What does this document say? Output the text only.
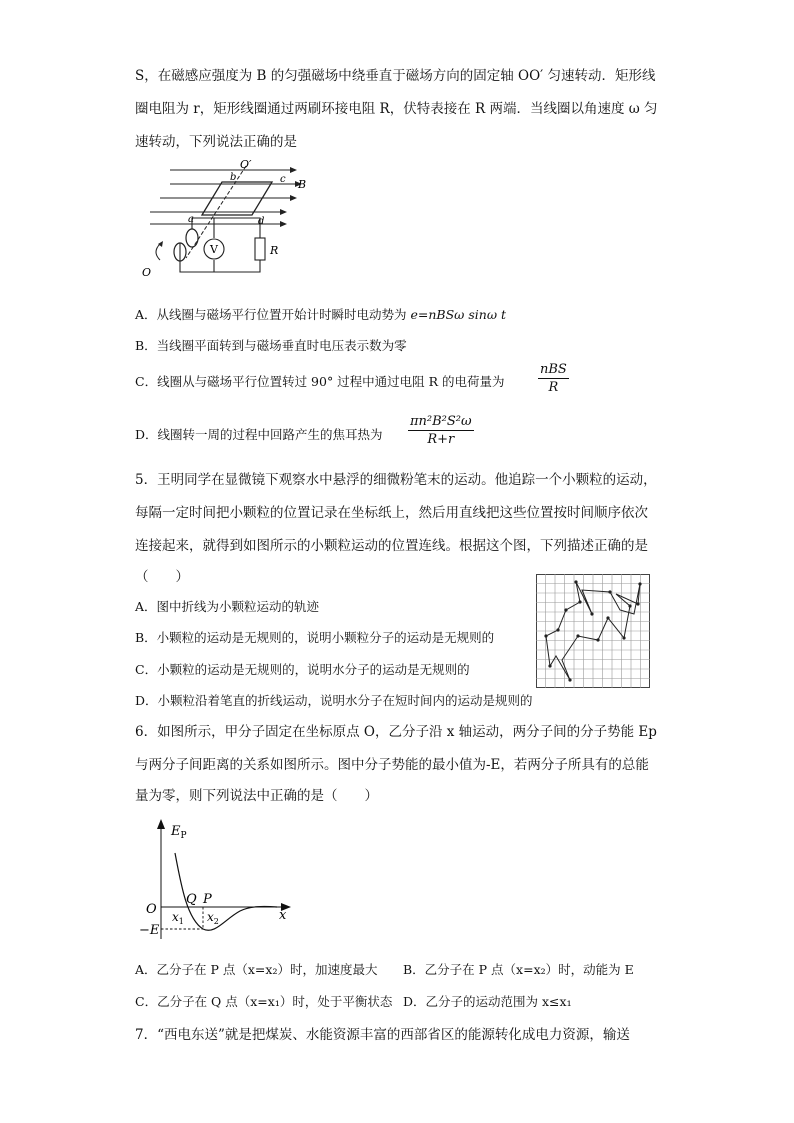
S，在磁感应强度为 B 的匀强磁场中绕垂直于磁场方向的固定轴 OO′ 匀速转动．矩形线
圈电阻为 r，矩形线圈通过两刷环接电阻 R，伏特表接在 R 两端．当线圈以角速度 ω 匀
速转动，下列说法正确的是
V	R
O′
b	c B
a	d
O
A．从线圈与磁场平行位置开始计时瞬时电动势为 e=nBSω sinω t
B．当线圈平面转到与磁场垂直时电压表示数为零
C．线圈从与磁场平行位置转过 90° 过程中通过电阻 R 的电荷量为
nBS
R
D．线圈转一周的过程中回路产生的焦耳热为 $\frac{\text{πn²B²S²ω}}{R+r}$
5．王明同学在显微镜下观察水中悬浮的细微粉笔末的运动。他追踪一个小颗粒的运动，
每隔一定时间把小颗粒的位置记录在坐标纸上，然后用直线把这些位置按时间顺序依次
连接起来，就得到如图所示的小颗粒运动的位置连线。根据这个图，下列描述正确的是
（　　）
A．图中折线为小颗粒运动的轨迹
B．小颗粒的运动是无规则的，说明小颗粒分子的运动是无规则的
C．小颗粒的运动是无规则的，说明水分子的运动是无规则的
D．小颗粒沿着笔直的折线运动，说明水分子在短时间内的运动是规则的
6．如图所示，甲分子固定在坐标原点 O，乙分子沿 x 轴运动，两分子间的分子势能 Ep
与两分子间距离的关系如图所示。图中分子势能的最小值为-E，若两分子所具有的总能
量为零，则下列说法中正确的是（　　）
$E_P$
O
Q P
$x_1$ $x_2$	x
−E
A．乙分子在 P 点（x=x₂）时，加速度最大 B．乙分子在 P 点（x=x₂）时，动能为 E
C．乙分子在 Q 点（x=x₁）时，处于平衡状态 D．乙分子的运动范围为 x≤x₁
7．“西电东送”就是把煤炭、水能资源丰富的西部省区的能源转化成电力资源，输送
